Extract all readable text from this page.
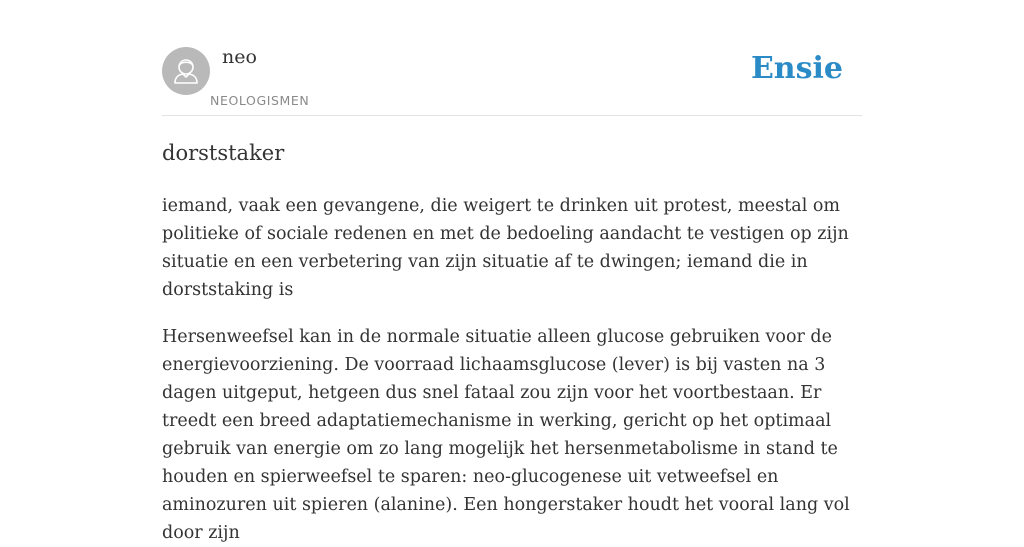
neo
NEOLOGISMEN
Ensie
dorststaker

iemand, vaak een gevangene, die weigert te drinken uit protest, meestal om politieke of sociale redenen en met de bedoeling aandacht te vestigen op zijn situatie en een verbetering van zijn situatie af te dwingen; iemand die in dorststaking is

Hersenweefsel kan in de normale situatie alleen glucose gebruiken voor de energievoorziening. De voorraad lichaamsglucose (lever) is bij vasten na 3 dagen uitgeput, hetgeen dus snel fataal zou zijn voor het voortbestaan. Er treedt een breed adaptatiemechanisme in werking, gericht op het optimaal gebruik van energie om zo lang mogelijk het hersenmetabolisme in stand te houden en spierweefsel te sparen: neo-glucogenese uit vetweefsel en aminozuren uit spieren (alanine). Een hongerstaker houdt het vooral lang vol door zijn
